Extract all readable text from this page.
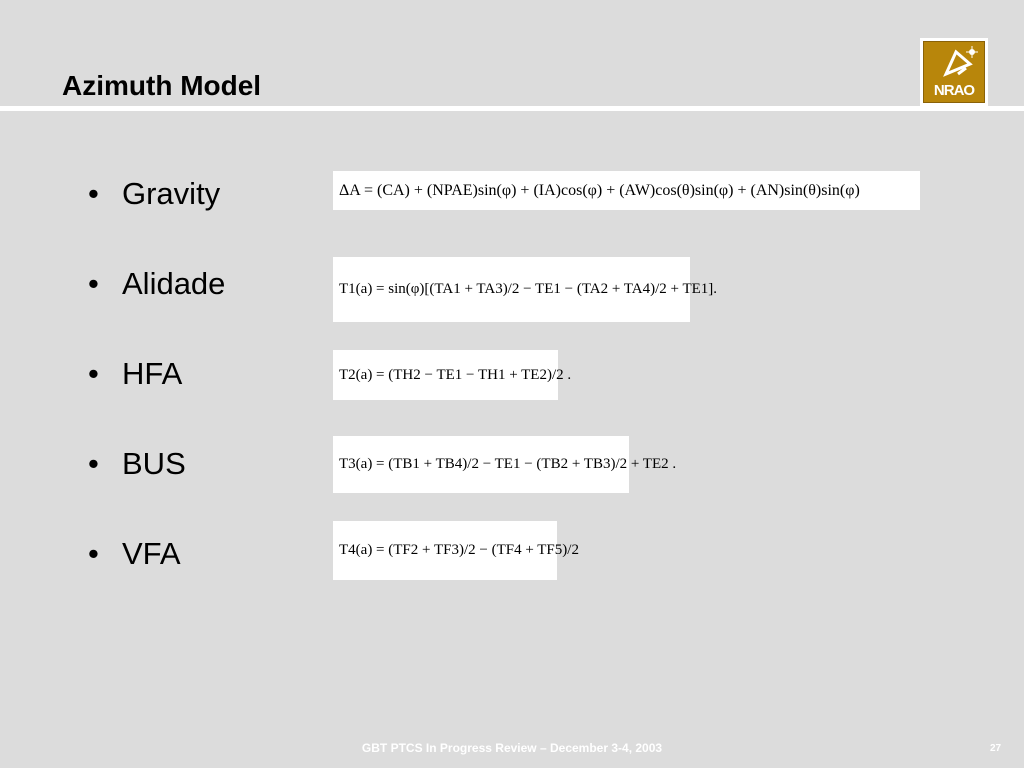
Azimuth Model	NRAO
• Gravity
• Alidade
• HFA
• BUS
• VFA
ΔA = (CA) + (NPAE)sin(φ) + (IA)cos(φ) + (AW)cos(θ)sin(φ) + (AN)sin(θ)sin(φ)
T1(a) = sin(φ)[(TA1 + TA3)/2 − TE1 − (TA2 + TA4)/2 + TE1].
T2(a) = (TH2 − TE1 − TH1 + TE2)/2 .
T3(a) = (TB1 + TB4)/2 − TE1 − (TB2 + TB3)/2 + TE2 .
T4(a) = (TF2 + TF3)/2 − (TF4 + TF5)/2
GBT PTCS In Progress Review – December 3-4, 2003	27
